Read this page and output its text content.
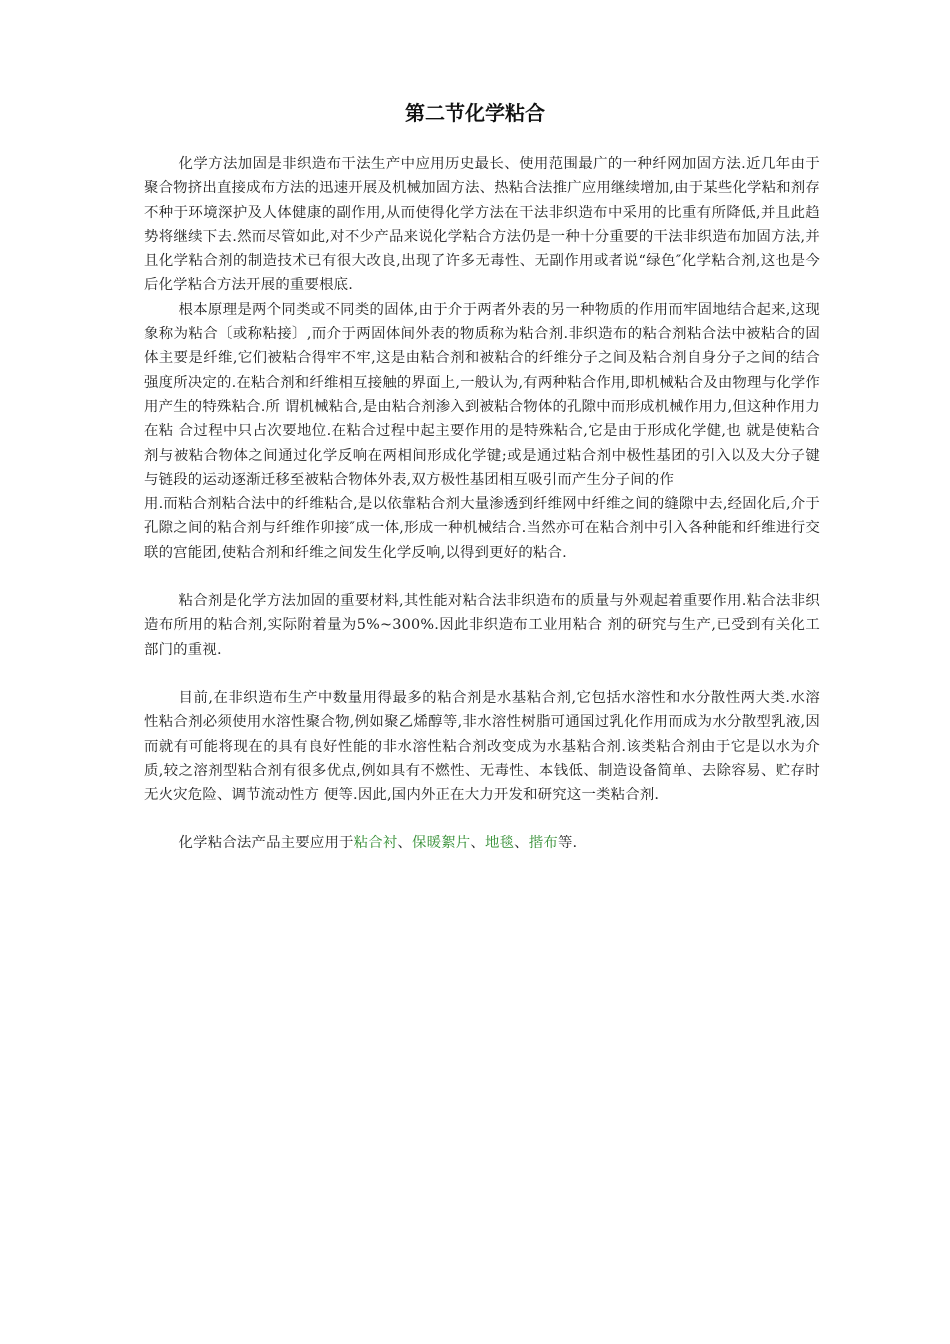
第二节化学粘合

化学方法加固是非织造布干法生产中应用历史最长、使用范围最广的一种纤网加固方法.近几年由于聚合物挤出直接成布方法的迅速开展及机械加固方法、热粘合法推广应用继续增加,由于某些化学粘和剂存不种于环境深护及人体健康的副作用,从而使得化学方法在干法非织造布中采用的比重有所降低,并且此趋势将继续下去.然而尽管如此,对不少产品来说化学粘合方法仍是一种十分重要的干法非织造布加固方法,并且化学粘合剂的制造技术已有很大改良,出现了许多无毒性、无副作用或者说“绿色″化学粘合剂,这也是今后化学粘合方法开展的重要根底.

根本原理是两个同类或不同类的固体,由于介于两者外表的另一种物质的作用而牢固地结合起来,这现象称为粘合〔或称粘接〕,而介于两固体间外表的物质称为粘合剂.非织造布的粘合剂粘合法中被粘合的固体主要是纤维,它们被粘合得牢不牢,这是由粘合剂和被粘合的纤维分子之间及粘合剂自身分子之间的结合强度所决定的.在粘合剂和纤维相互接触的界面上,一般认为,有两种粘合作用,即机械粘合及由物理与化学作用产生的特殊粘合.所 谓机械粘合,是由粘合剂渗入到被粘合物体的孔隙中而形成机械作用力,但这种作用力在粘 合过程中只占次要地位.在粘合过程中起主要作用的是特殊粘合,它是由于形成化学健,也 就是使粘合剂与被粘合物体之间通过化学反响在两相间形成化学键;或是通过粘合剂中极性基团的引入以及大分子键与链段的运动逐渐迁移至被粘合物体外表,双方极性基团相互吸引而产生分子间的作

用.而粘合剂粘合法中的纤维粘合,是以依靠粘合剂大量渗透到纤维网中纤维之间的缝隙中去,经固化后,介于孔隙之间的粘合剂与纤维作卯接″成一体,形成一种机械结合.当然亦可在粘合剂中引入各种能和纤维进行交联的宫能团,使粘合剂和纤维之间发生化学反响,以得到更好的粘合.

粘合剂是化学方法加固的重要材料,其性能对粘合法非织造布的质量与外观起着重要作用.粘合法非织造布所用的粘合剂,实际附着量为5%~300%.因此非织造布工业用粘合 剂的研究与生产,已受到有关化工部门的重视.

目前,在非织造布生产中数量用得最多的粘合剂是水基粘合剂,它包括水溶性和水分散性两大类.水溶性粘合剂必须使用水溶性聚合物,例如聚乙烯醇等,非水溶性树脂可通国过乳化作用而成为水分散型乳液,因而就有可能将现在的具有良好性能的非水溶性粘合剂改变成为水基粘合剂.该类粘合剂由于它是以水为介质,较之溶剂型粘合剂有很多优点,例如具有不燃性、无毒性、本钱低、制造设备简单、去除容易、贮存时无火灾危险、调节流动性方 便等.因此,国内外正在大力开发和研究这一类粘合剂.

化学粘合法产品主要应用于粘合衬、保暖絮片、地毯、揩布等.
